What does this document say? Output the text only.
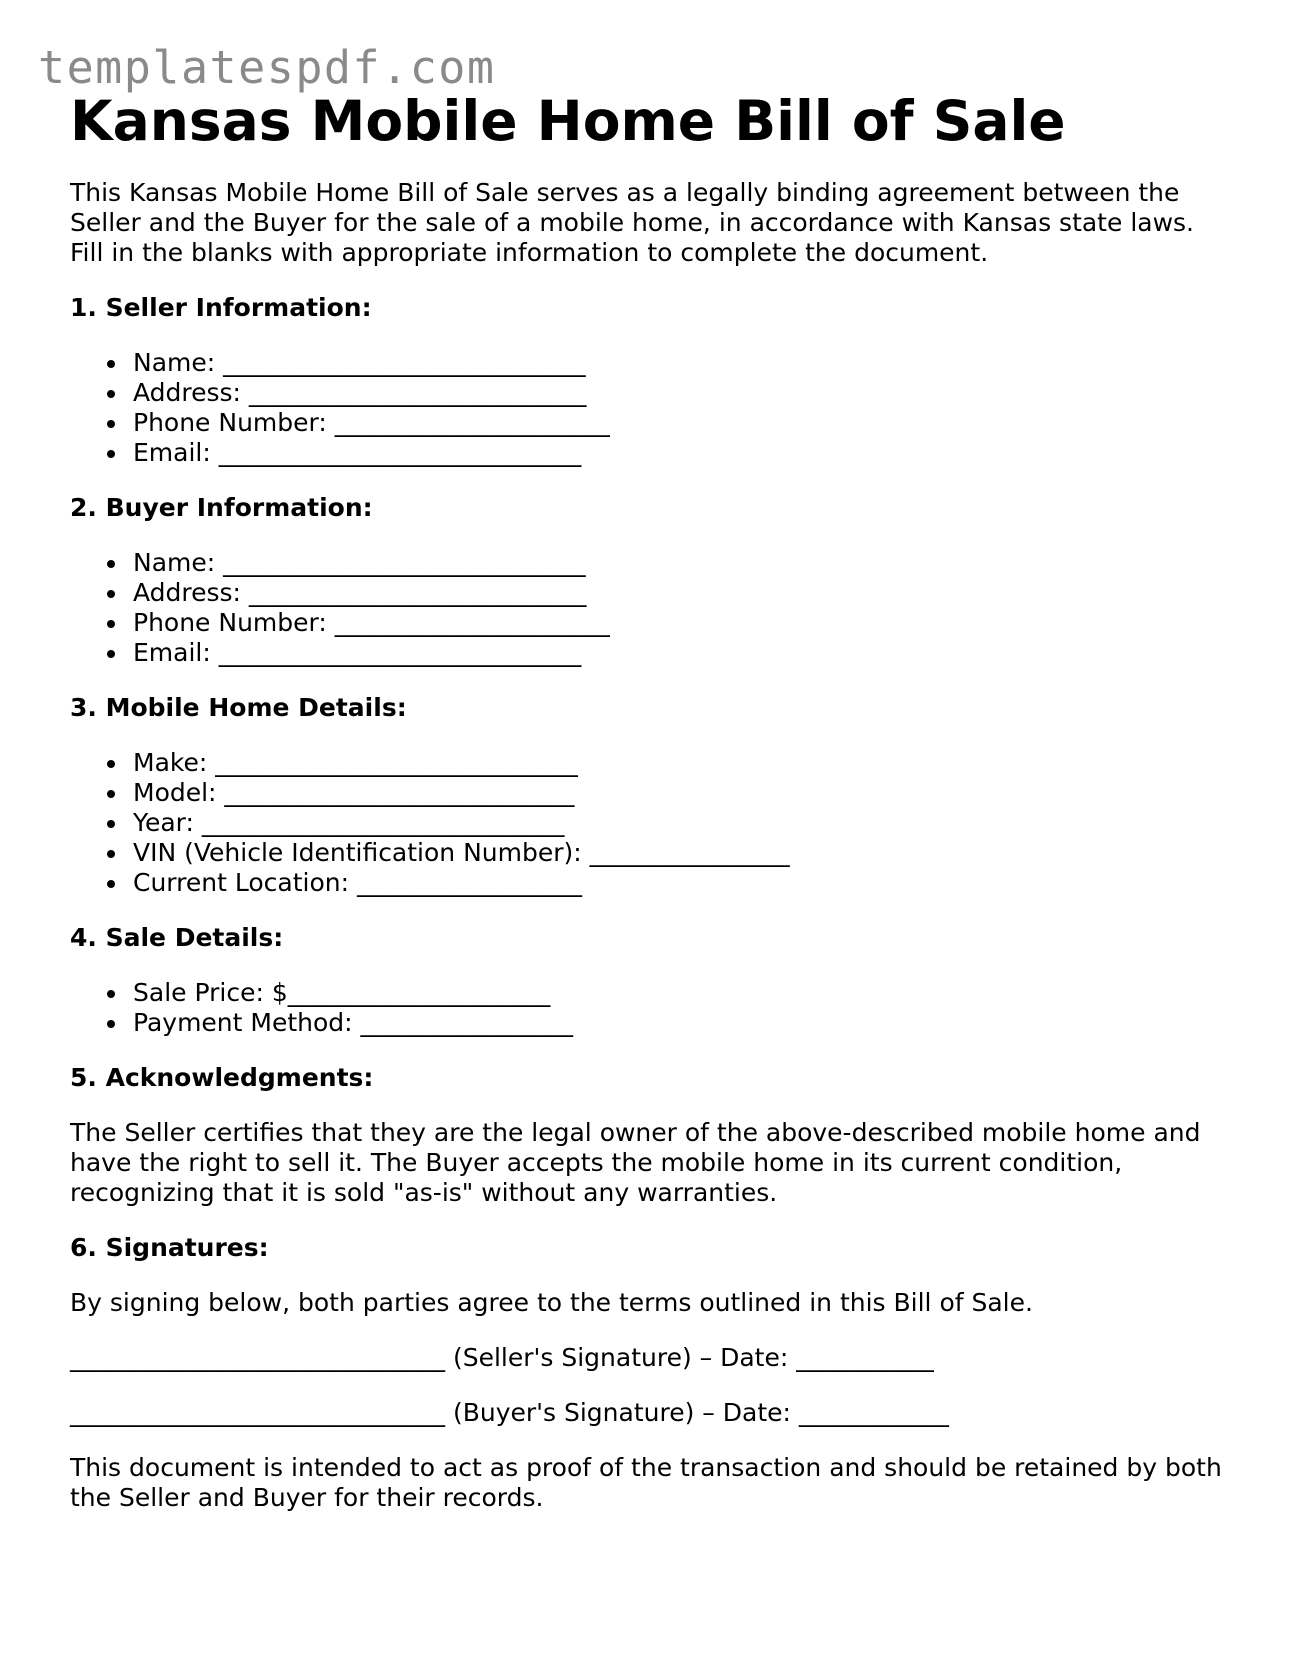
templatespdf.com
Kansas Mobile Home Bill of Sale

This Kansas Mobile Home Bill of Sale serves as a legally binding agreement between the Seller and the Buyer for the sale of a mobile home, in accordance with Kansas state laws. Fill in the blanks with appropriate information to complete the document.

1. Seller Information:
Name: _____________________________
Address: ___________________________
Phone Number: ______________________
Email: _____________________________
2. Buyer Information:
Name: _____________________________
Address: ___________________________
Phone Number: ______________________
Email: _____________________________
3. Mobile Home Details:
Make: _____________________________
Model: ____________________________
Year: _____________________________
VIN (Vehicle Identification Number): ________________
Current Location: __________________
4. Sale Details:
Sale Price: $_____________________
Payment Method: _________________
5. Acknowledgments:

The Seller certifies that they are the legal owner of the above-described mobile home and have the right to sell it. The Buyer accepts the mobile home in its current condition, recognizing that it is sold "as-is" without any warranties.

6. Signatures:

By signing below, both parties agree to the terms outlined in this Bill of Sale.

______________________________ (Seller's Signature) – Date: ___________

______________________________ (Buyer's Signature) – Date: ____________

This document is intended to act as proof of the transaction and should be retained by both the Seller and Buyer for their records.
